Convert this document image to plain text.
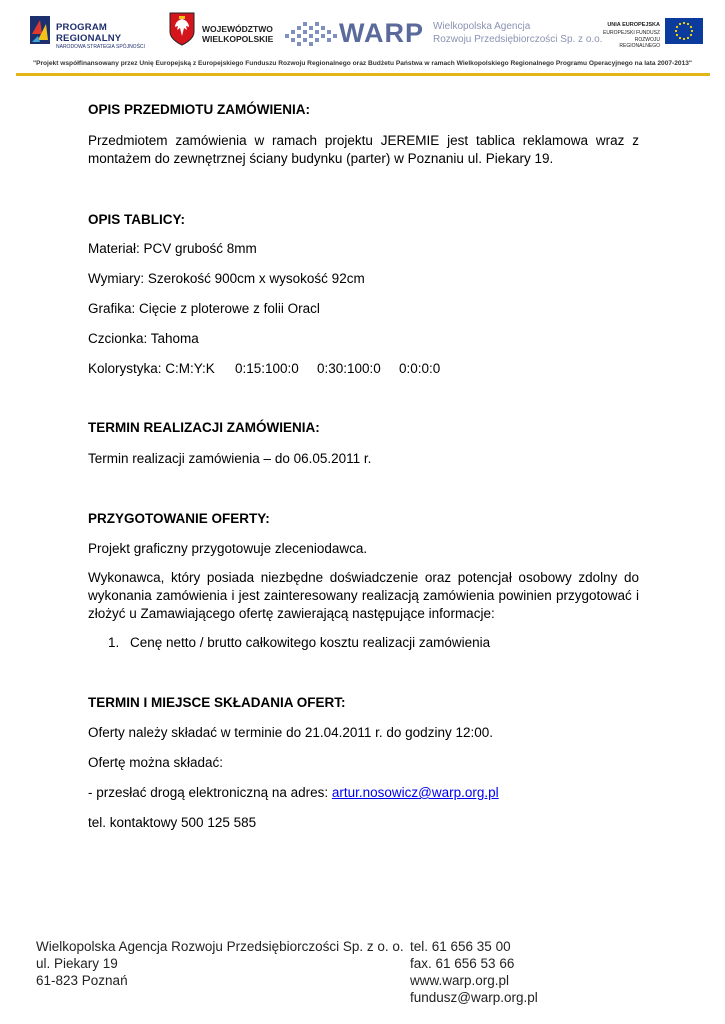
PROGRAM
REGIONALNY
NARODOWA STRATEGIA SPÓJNOŚCI
WOJEWÓDZTWO
WIELKOPOLSKIE WARP Wielkopolska Agencja
Rozwoju Przedsiębiorczości Sp. z o.o.
UNIA EUROPEJSKA
EUROPEJSKI FUNDUSZ
ROZWOJU REGIONALNEGO
"Projekt współfinansowany przez Unię Europejską z Europejskiego Funduszu Rozwoju Regionalnego oraz Budżetu Państwa w ramach Wielkopolskiego Regionalnego Programu Operacyjnego na lata 2007-2013"

OPIS PRZEDMIOTU ZAMÓWIENIA:

Przedmiotem zamówienia w ramach projektu JEREMIE jest tablica reklamowa wraz z montażem do zewnętrznej ściany budynku (parter) w Poznaniu ul. Piekary 19.

OPIS TABLICY:

Materiał: PCV grubość 8mm

Wymiary: Szerokość 900cm x wysokość 92cm

Grafika: Cięcie z ploterowe z folii Oracl

Czcionka: Tahoma

Kolorystyka: C:M:Y:K 0:15:100:0 0:30:100:0 0:0:0:0

TERMIN REALIZACJI ZAMÓWIENIA:

Termin realizacji zamówienia – do 06.05.2011 r.

PRZYGOTOWANIE OFERTY:

Projekt graficzny przygotowuje zleceniodawca.

Wykonawca, który posiada niezbędne doświadczenie oraz potencjał osobowy zdolny do wykonania zamówienia i jest zainteresowany realizacją zamówienia powinien przygotować i złożyć u Zamawiającego ofertę zawierającą następujące informacje:

1. Cenę netto / brutto całkowitego kosztu realizacji zamówienia

TERMIN I MIEJSCE SKŁADANIA OFERT:

Oferty należy składać w terminie do 21.04.2011 r. do godziny 12:00.

Ofertę można składać:

- przesłać drogą elektroniczną na adres: artur.nosowicz@warp.org.pl

tel. kontaktowy 500 125 585

Wielkopolska Agencja Rozwoju Przedsiębiorczości Sp. z o. o.
ul. Piekary 19
61-823 Poznań
tel. 61 656 35 00
fax. 61 656 53 66
www.warp.org.pl
fundusz@warp.org.pl
